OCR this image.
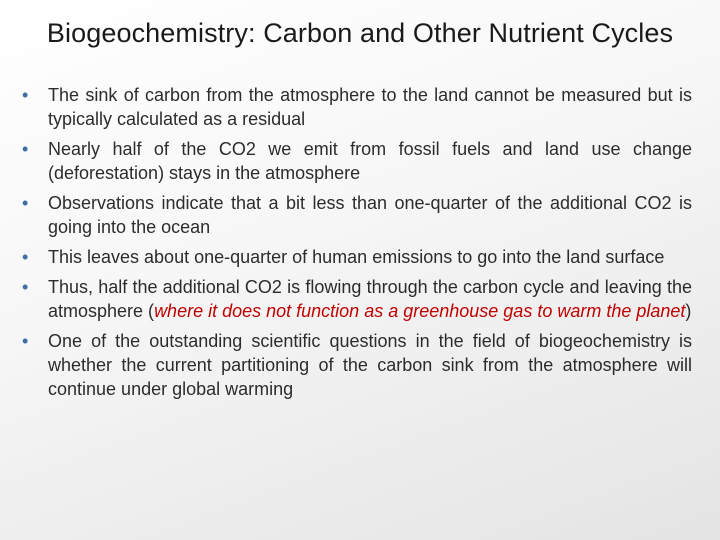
Biogeochemistry: Carbon and Other Nutrient Cycles
• The sink of carbon from the atmosphere to the land cannot be measured but is typically calculated as a residual
• Nearly half of the CO2 we emit from fossil fuels and land use change (deforestation) stays in the atmosphere
• Observations indicate that a bit less than one-quarter of the additional CO2 is going into the ocean
• This leaves about one-quarter of human emissions to go into the land surface
• Thus, half the additional CO2 is flowing through the carbon cycle and leaving the atmosphere (where it does not function as a greenhouse gas to warm the planet)
• One of the outstanding scientific questions in the field of biogeochemistry is whether the current partitioning of the carbon sink from the atmosphere will continue under global warming
